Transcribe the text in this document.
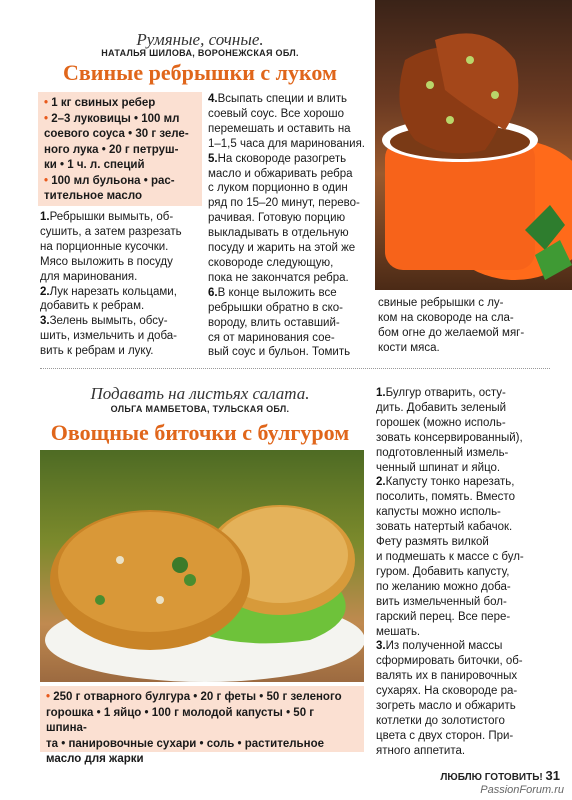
Румяные, сочные.
НАТАЛЬЯ ШИЛОВА, ВОРОНЕЖСКАЯ ОБЛ.
Свиные ребрышки с луком
• 1 кг свиных ребер
• 2–3 луковицы • 100 мл
соевого соуса • 30 г зеле-
ного лука • 20 г петруш-
ки • 1 ч. л. специй
• 100 мл бульона • рас-
тительное масло

1.Ребрышки вымыть, об-

сушить, а затем разрезать

на порционные кусочки.

Мясо выложить в посуду

для маринования.

2.Лук нарезать кольцами,

добавить к ребрам.

3.Зелень вымыть, обсу-

шить, измельчить и доба-

вить к ребрам и луку.

4.Всыпать специи и влить

соевый соус. Все хорошо

перемешать и оставить на

1–1,5 часа для маринования.

5.На сковороде разогреть

масло и обжаривать ребра

с луком порционно в один

ряд по 15–20 минут, перево-

рачивая. Готовую порцию

выкладывать в отдельную

посуду и жарить на этой же

сковороде следующую,

пока не закончатся ребра.

6.В конце выложить все

ребрышки обратно в ско-

вороду, влить оставший-

ся от маринования сое-

вый соус и бульон. Томить

свиные ребрышки с лу-

ком на сковороде на сла-

бом огне до желаемой мяг-

кости мяса.

Подавать на листьях салата.
ОЛЬГА МАМБЕТОВА, ТУЛЬСКАЯ ОБЛ.
Овощные биточки с булгуром
• 250 г отварного булгура • 20 г феты • 50 г зеленого
горошка • 1 яйцо • 100 г молодой капусты • 50 г шпина-
та • панировочные сухари • соль • растительное
масло для жарки

1.Булгур отварить, осту-

дить. Добавить зеленый

горошек (можно исполь-

зовать консервированный),

подготовленный измель-

ченный шпинат и яйцо.

2.Капусту тонко нарезать,

посолить, помять. Вместо

капусты можно исполь-

зовать натертый кабачок.

Фету размять вилкой

и подмешать к массе с бул-

гуром. Добавить капусту,

по желанию можно доба-

вить измельченный бол-

гарский перец. Все пере-

мешать.

3.Из полученной массы

сформировать биточки, об-

валять их в панировочных

сухарях. На сковороде ра-

зогреть масло и обжарить

котлетки до золотистого

цвета с двух сторон. При-

ятного аппетита.

ЛЮБЛЮ ГОТОВИТЬ! 31
PassionForum.ru
